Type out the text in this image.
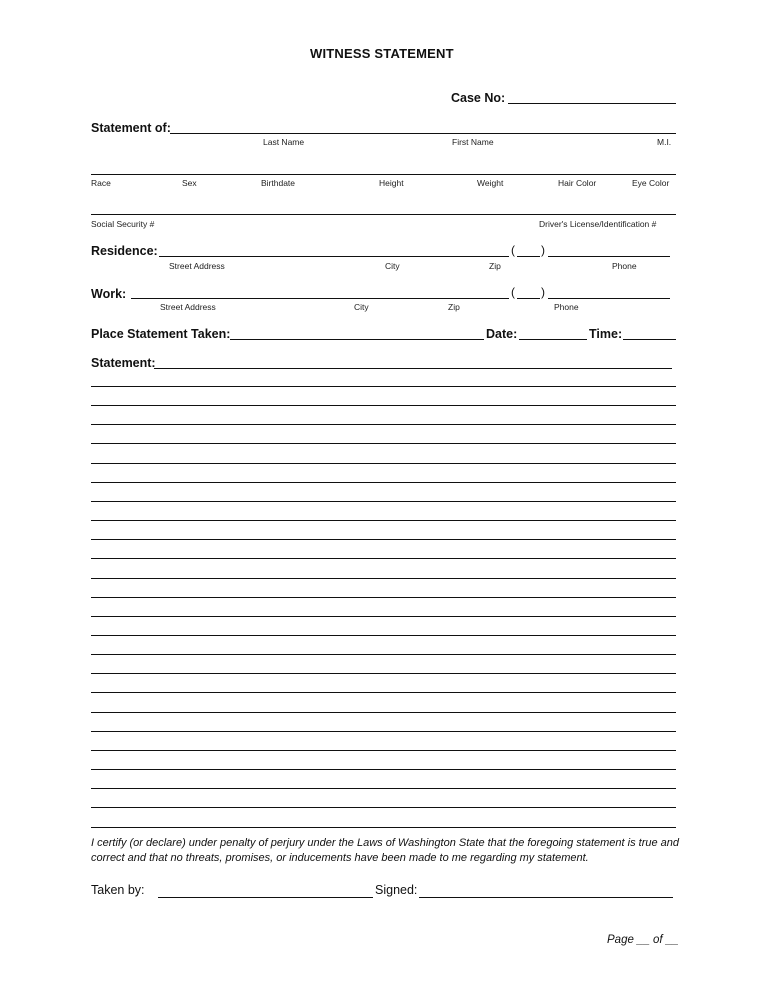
WITNESS STATEMENT
Case No:
Statement of:
Last Name	First Name	M.I.
Race	Sex	Birthdate	Height	Weight	Hair Color	Eye Color
Social Security #	Driver's License/Identification #
Residence:	( )
Street Address	City	Zip	Phone
Work:	( )
Street Address	City	Zip	Phone
Place Statement Taken:	Date:	Time:
Statement:
I certify (or declare) under penalty of perjury under the Laws of Washington State that the foregoing statement is true and correct and that no threats, promises, or inducements have been made to me regarding my statement.
Taken by:	Signed:
Page __ of __
